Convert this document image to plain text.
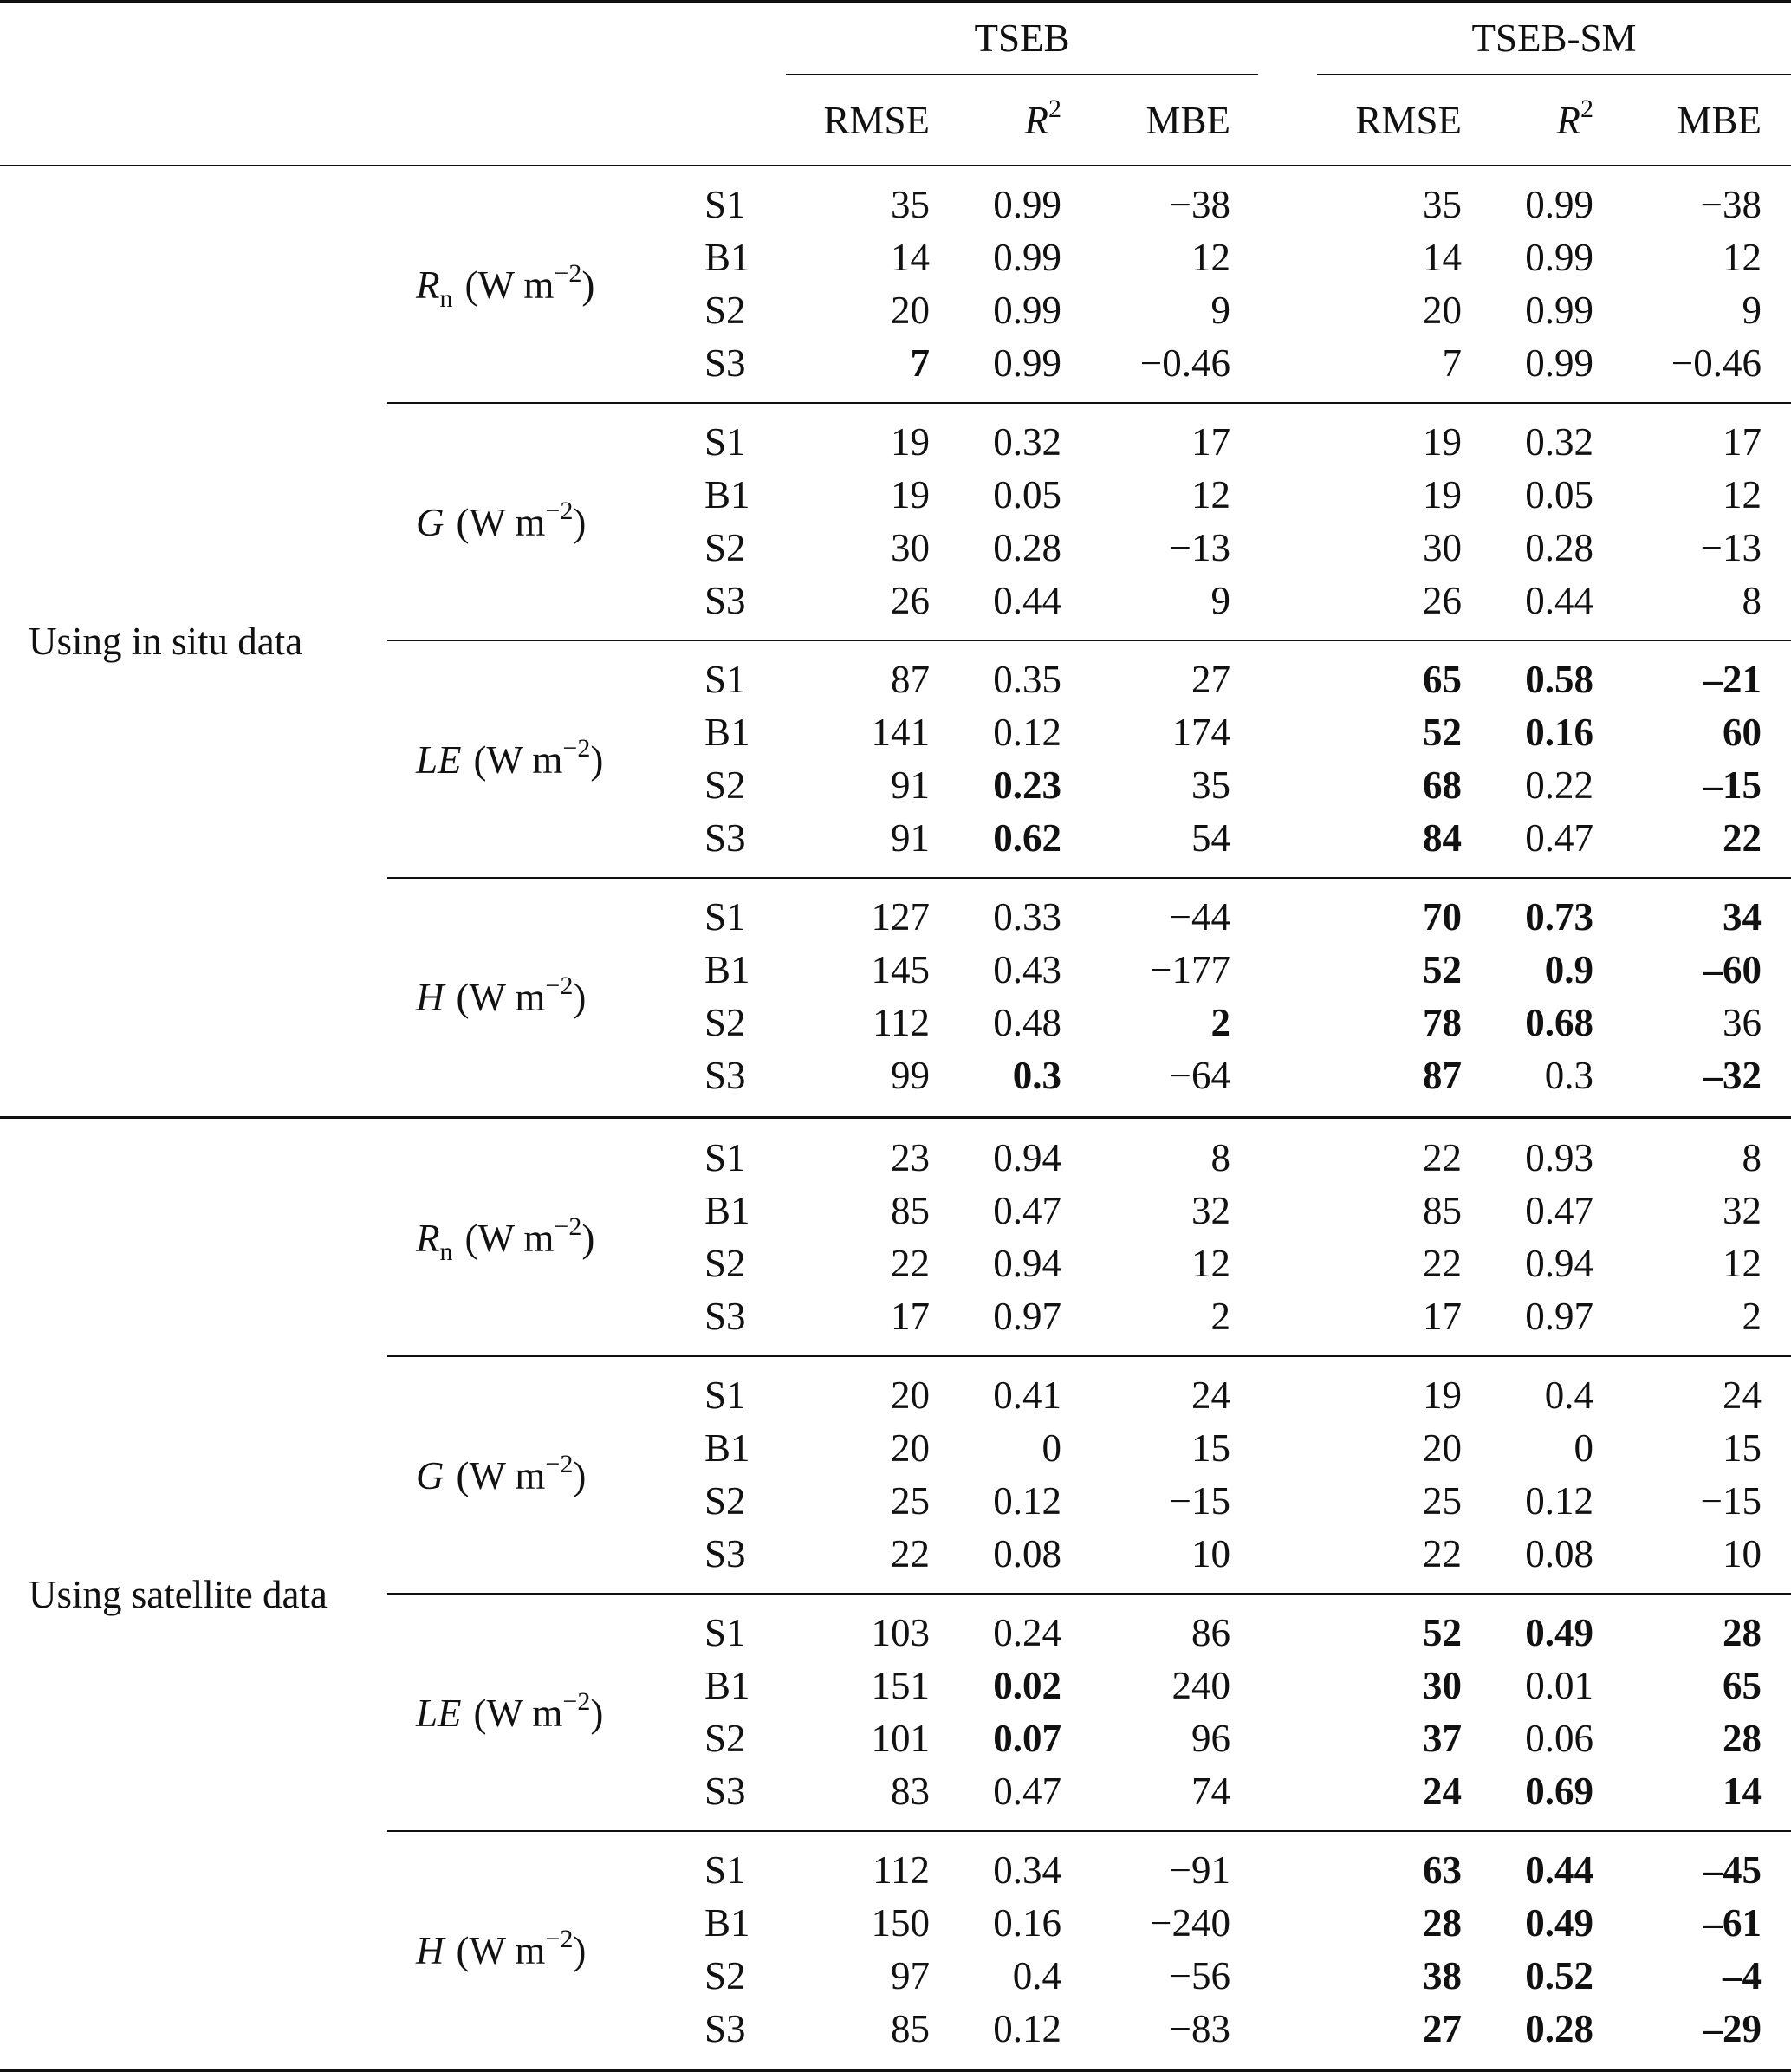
TSEB	TSEB-SM
RMSE	$R^2$	MBE	RMSE	$R^2$	MBE
$R_n$ (W $m^{-2}$)
S1	35	0.99	−38	35	0.99	−38
B1	14	0.99	12	14	0.99	12
S2	20	0.99	9	20	0.99	9
S3	7	0.99	−0.46	7	0.99	−0.46
G (W $m^{-2}$)
S1	19	0.32	17	19	0.32	17
B1	19	0.05	12	19	0.05	12
S2	30	0.28	−13	30	0.28	−13
S3	26	0.44	9	26	0.44	8
LE (W $m^{-2}$)
S1	87	0.35	27	65	0.58	–21
B1	141	0.12	174	52	0.16	60
S2	91	0.23	35	68	0.22	–15
S3	91	0.62	54	84	0.47	22
H (W $m^{-2}$)
S1	127	0.33	−44	70	0.73	34
B1	145	0.43	−177	52	0.9	–60
S2	112	0.48	2	78	0.68	36
S3	99	0.3	−64	87	0.3	–32
Using in situ data
$R_n$ (W $m^{-2}$)
S1	23	0.94	8	22	0.93	8
B1	85	0.47	32	85	0.47	32
S2	22	0.94	12	22	0.94	12
S3	17	0.97	2	17	0.97	2
G (W $m^{-2}$)
S1	20	0.41	24	19	0.4	24
B1	20	0	15	20	0	15
S2	25	0.12	−15	25	0.12	−15
S3	22	0.08	10	22	0.08	10
LE (W $m^{-2}$)
S1	103	0.24	86	52	0.49	28
B1	151	0.02	240	30	0.01	65
S2	101	0.07	96	37	0.06	28
S3	83	0.47	74	24	0.69	14
H (W $m^{-2}$)
S1	112	0.34	−91	63	0.44	–45
B1	150	0.16	−240	28	0.49	–61
S2	97	0.4	−56	38	0.52	–4
S3	85	0.12	−83	27	0.28	–29
Using satellite data
